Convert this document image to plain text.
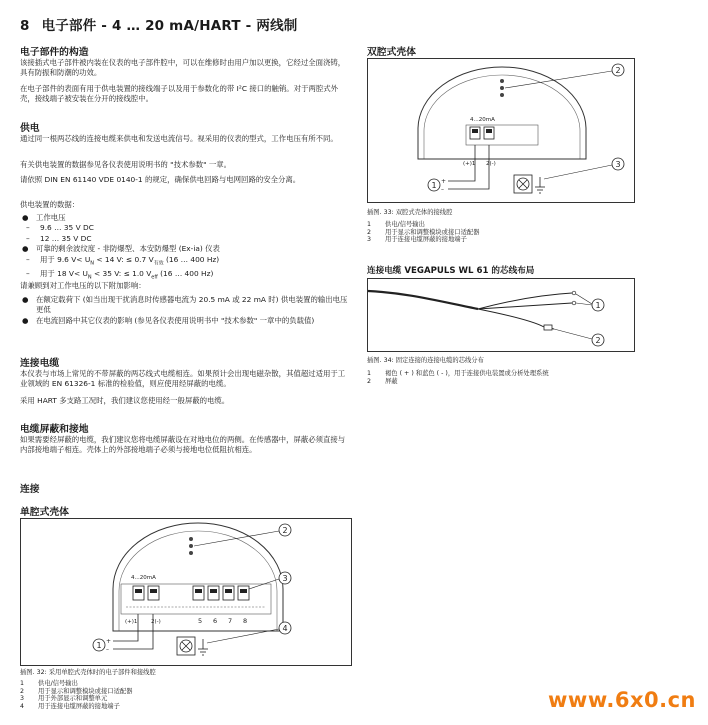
8 电子部件 - 4 … 20 mA/HART - 两线制
电子部件的构造
该接插式电子部件被内装在仪表的电子部件腔中，可以在维修时由用户加以更换，它经过全面浇铸，具有防振和防潮的功效。
在电子部件的表面有用于供电装置的接线端子以及用于参数化的带 I²C 接口的触销。对于两腔式外壳，接线端子被安装在分开的接线腔中。
供电
通过同一根两芯线的连接电缆来供电和发送电流信号。视采用的仪表的型式，工作电压有所不同。
有关供电装置的数据参见各仪表使用说明书的 "技术参数" 一章。
请依照 DIN EN 61140 VDE 0140-1 的规定，确保供电回路与电网回路的安全分离。
供电装置的数据：
● 工作电压
– 9.6 … 35 V DC
– 12 … 35 V DC
● 可靠的剩余波纹度 - 非防爆型、本安防爆型 (Ex-ia) 仪表
– 用于 9.6 $V< U_N < 14$ V: ≤ 0.7 $V_{有效}$ (16 … 400 Hz)
– 用于 18 $V< U_N < 35$ V: ≤ 1.0 $V_{eff}$ (16 … 400 Hz)
请兼顾到对工作电压的以下附加影响：
● 在额定载荷下 (如当出现干扰消息时传感器电流为 20.5 mA 或 22 mA 时) 供电装置的输出电压更低
● 在电流回路中其它仪表的影响 (参见各仪表使用说明书中 "技术参数" 一章中的负载值)
连接电缆
本仪表与市场上常见的不带屏蔽的两芯线式电缆相连。如果预计会出现电磁杂散，其值超过适用于工业领域的 EN 61326-1 标准的检验值，则应使用经屏蔽的电缆。
采用 HART 多支路工况时，我们建议您使用经一般屏蔽的电缆。
电缆屏蔽和接地
如果需要经屏蔽的电缆，我们建议您将电缆屏蔽设在对地电位的两侧。在传感器中，屏蔽必须直接与内部接地端子相连。壳体上的外部接地端子必须与接地电位低阻抗相连。
连接
单腔式壳体
4...20mA
(+)1 2(-)	5 6 7 8
+
–
1
2
3
4
插图. 32: 采用单腔式壳体时的电子部件和接线腔
1 供电/信号输出
2 用于显示和调整模块或接口适配器
3 用于外部显示和调整单元
4 用于连接电缆屏蔽的接地端子
双腔式壳体
4...20mA
(+)1 2(-)
+
–
1
2
3
插图. 33: 双腔式壳体的接线腔
1 供电/信号输出
2 用于显示和调整模块或接口适配器
3 用于连接电缆屏蔽的接地端子
连接电缆 VEGAPULS WL 61 的芯线布局
1
2
插图. 34: 固定连接的连接电缆的芯线分布
1 褐色 ( + ) 和蓝色 ( - )，用于连接供电装置或分析处理系统
2 屏蔽
www.6x0.cn
